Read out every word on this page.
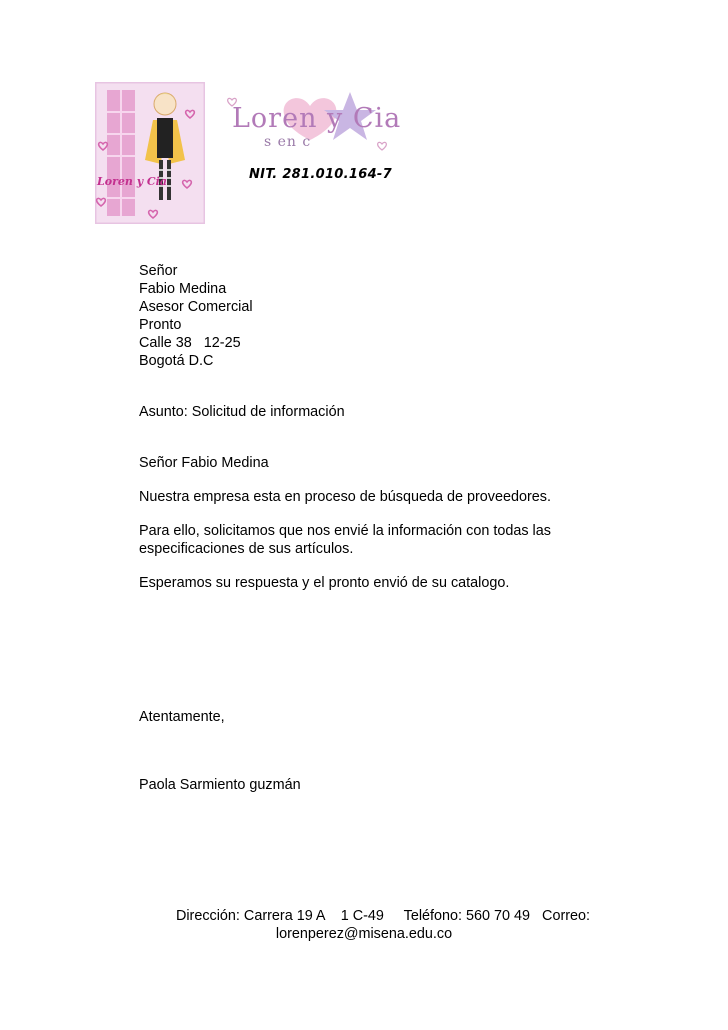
Loren y Cia
Loren y Cia
s en c
NIT. 281.010.164-7
Señor
Fabio Medina
Asesor Comercial
Pronto
Calle 38   12-25
Bogotá D.C
Asunto: Solicitud de información
Señor Fabio Medina
Nuestra empresa esta en proceso de búsqueda de proveedores.
Para ello, solicitamos que nos envié la información con todas las
especificaciones de sus artículos.
Esperamos su respuesta y el pronto envió de su catalogo.
Atentamente,
Paola Sarmiento guzmán
Dirección: Carrera 19 A    1 C-49     Teléfono: 560 70 49   Correo:
lorenperez@misena.edu.co
